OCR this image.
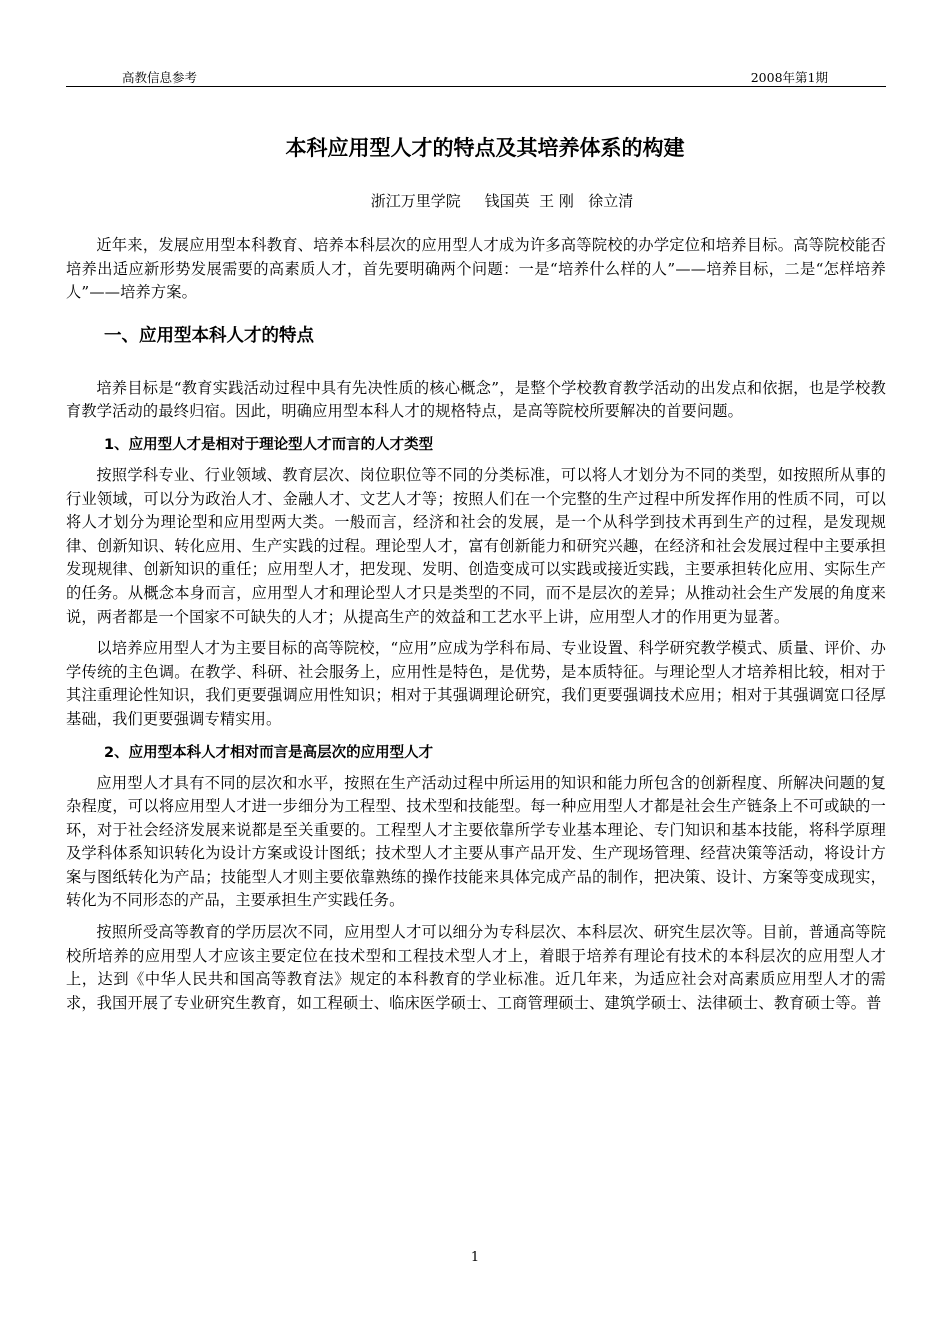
高教信息参考	2008年第1期
本科应用型人才的特点及其培养体系的构建
浙江万里学院 钱国英  王 刚   徐立清

近年来，发展应用型本科教育、培养本科层次的应用型人才成为许多高等院校的办学定位和培养目标。高等院校能否培养出适应新形势发展需要的高素质人才，首先要明确两个问题：一是“培养什么样的人”——培养目标，二是“怎样培养人”——培养方案。

一、应用型本科人才的特点

培养目标是“教育实践活动过程中具有先决性质的核心概念”，是整个学校教育教学活动的出发点和依据，也是学校教育教学活动的最终归宿。因此，明确应用型本科人才的规格特点，是高等院校所要解决的首要问题。

1、应用型人才是相对于理论型人才而言的人才类型

按照学科专业、行业领域、教育层次、岗位职位等不同的分类标准，可以将人才划分为不同的类型，如按照所从事的行业领域，可以分为政治人才、金融人才、文艺人才等；按照人们在一个完整的生产过程中所发挥作用的性质不同，可以将人才划分为理论型和应用型两大类。一般而言，经济和社会的发展，是一个从科学到技术再到生产的过程，是发现规律、创新知识、转化应用、生产实践的过程。理论型人才，富有创新能力和研究兴趣，在经济和社会发展过程中主要承担发现规律、创新知识的重任；应用型人才，把发现、发明、创造变成可以实践或接近实践，主要承担转化应用、实际生产的任务。从概念本身而言，应用型人才和理论型人才只是类型的不同，而不是层次的差异；从推动社会生产发展的角度来说，两者都是一个国家不可缺失的人才；从提高生产的效益和工艺水平上讲，应用型人才的作用更为显著。

以培养应用型人才为主要目标的高等院校，“应用”应成为学科布局、专业设置、科学研究教学模式、质量、评价、办学传统的主色调。在教学、科研、社会服务上，应用性是特色，是优势，是本质特征。与理论型人才培养相比较，相对于其注重理论性知识，我们更要强调应用性知识；相对于其强调理论研究，我们更要强调技术应用；相对于其强调宽口径厚基础，我们更要强调专精实用。

2、应用型本科人才相对而言是高层次的应用型人才

应用型人才具有不同的层次和水平，按照在生产活动过程中所运用的知识和能力所包含的创新程度、所解决问题的复杂程度，可以将应用型人才进一步细分为工程型、技术型和技能型。每一种应用型人才都是社会生产链条上不可或缺的一环，对于社会经济发展来说都是至关重要的。工程型人才主要依靠所学专业基本理论、专门知识和基本技能，将科学原理及学科体系知识转化为设计方案或设计图纸；技术型人才主要从事产品开发、生产现场管理、经营决策等活动，将设计方案与图纸转化为产品；技能型人才则主要依靠熟练的操作技能来具体完成产品的制作，把决策、设计、方案等变成现实，转化为不同形态的产品，主要承担生产实践任务。

按照所受高等教育的学历层次不同，应用型人才可以细分为专科层次、本科层次、研究生层次等。目前，普通高等院校所培养的应用型人才应该主要定位在技术型和工程技术型人才上，着眼于培养有理论有技术的本科层次的应用型人才上，达到《中华人民共和国高等教育法》规定的本科教育的学业标准。近几年来，为适应社会对高素质应用型人才的需求，我国开展了专业研究生教育，如工程硕士、临床医学硕士、工商管理硕士、建筑学硕士、法律硕士、教育硕士等。普

1
